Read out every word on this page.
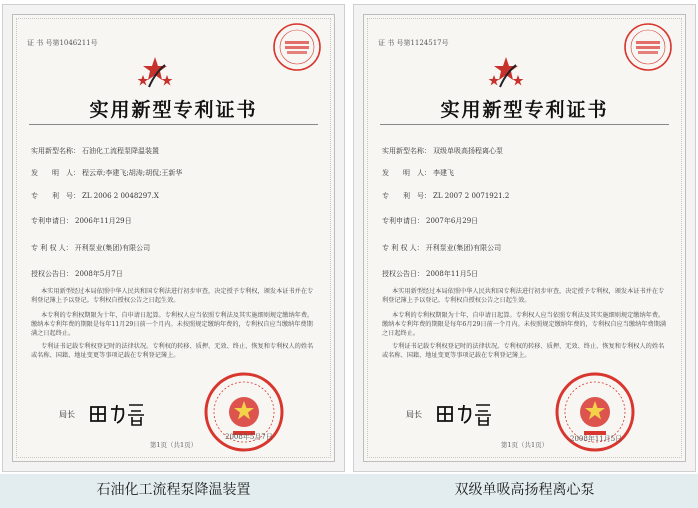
证 书 号第1046211号
实用新型专利证书
实用新型名称： 石油化工流程泵降温装置
发　　明　人： 程云章;李建飞;胡涛;胡侃;王新华
专　　利　号： ZL 2006 2 0048297.X
专利申请日： 2006年11月29日
专 利 权 人： 开利泵业(集团)有限公司
授权公告日： 2008年5月7日
本实用新型经过本局依照中华人民共和国专利法进行初步审查，决定授予专利权，颁发本证书并在专利登记簿上予以登记。专利权自授权公告之日起生效。
本专利的专利权期限为十年，自申请日起算。专利权人应当依照专利法及其实施细则规定缴纳年费。缴纳本专利年费的期限是每年11月29日前一个月内。未按照规定缴纳年费的，专利权自应当缴纳年费期满之日起终止。
专利证书记载专利权登记时的法律状况。专利权的转移、质押、无效、终止、恢复和专利权人的姓名或名称、国籍、地址变更等事项记载在专利登记簿上。
局长
2008年5月7日
第1页（共1页）
证 书 号第1124517号
实用新型专利证书
实用新型名称： 双级单吸高扬程离心泵
发　　明　人： 李建飞
专　　利　号： ZL 2007 2 0071921.2
专利申请日： 2007年6月29日
专 利 权 人： 开利泵业(集团)有限公司
授权公告日： 2008年11月5日
本实用新型经过本局依照中华人民共和国专利法进行初步审查，决定授予专利权，颁发本证书并在专利登记簿上予以登记。专利权自授权公告之日起生效。
本专利的专利权期限为十年，自申请日起算。专利权人应当依照专利法及其实施细则规定缴纳年费。缴纳本专利年费的期限是每年6月29日前一个月内。未按照规定缴纳年费的，专利权自应当缴纳年费期满之日起终止。
专利证书记载专利权登记时的法律状况。专利权的转移、质押、无效、终止、恢复和专利权人的姓名或名称、国籍、地址变更等事项记载在专利登记簿上。
局长
2008年11月5日
第1页（共1页）
石油化工流程泵降温装置	双级单吸高扬程离心泵
